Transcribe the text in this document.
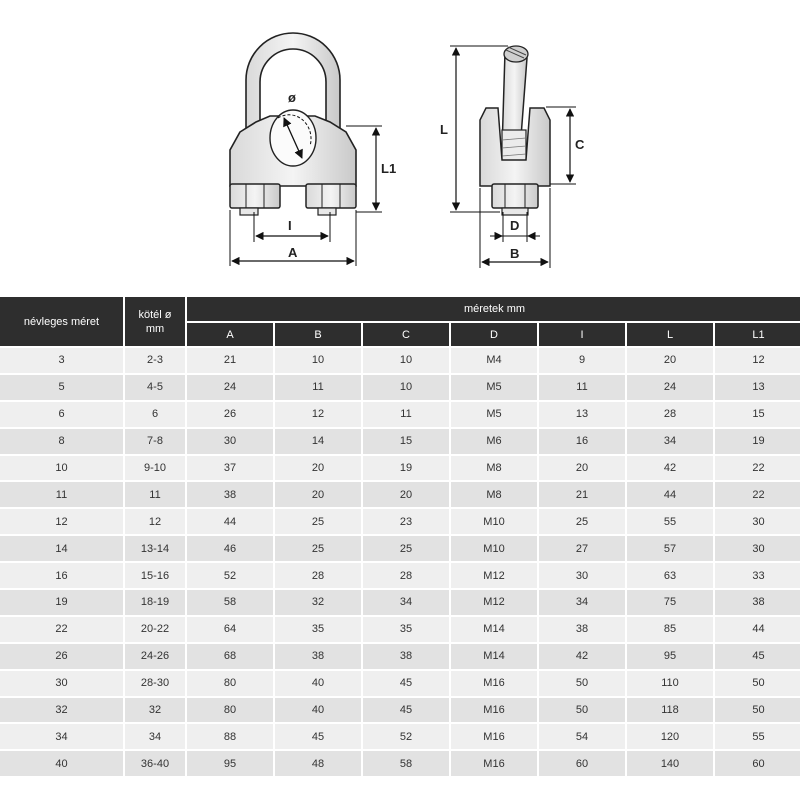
ø
L1
I
A
L
C
D
B
névleges méret	kötél ø
mm	méretek mm						
		A	B	C	D	I	L	L1
3	2-3	21	10	10	M4	9	20	12
5	4-5	24	11	10	M5	11	24	13
6	6	26	12	11	M5	13	28	15
8	7-8	30	14	15	M6	16	34	19
10	9-10	37	20	19	M8	20	42	22
11	11	38	20	20	M8	21	44	22
12	12	44	25	23	M10	25	55	30
14	13-14	46	25	25	M10	27	57	30
16	15-16	52	28	28	M12	30	63	33
19	18-19	58	32	34	M12	34	75	38
22	20-22	64	35	35	M14	38	85	44
26	24-26	68	38	38	M14	42	95	45
30	28-30	80	40	45	M16	50	110	50
32	32	80	40	45	M16	50	118	50
34	34	88	45	52	M16	54	120	55
40	36-40	95	48	58	M16	60	140	60
